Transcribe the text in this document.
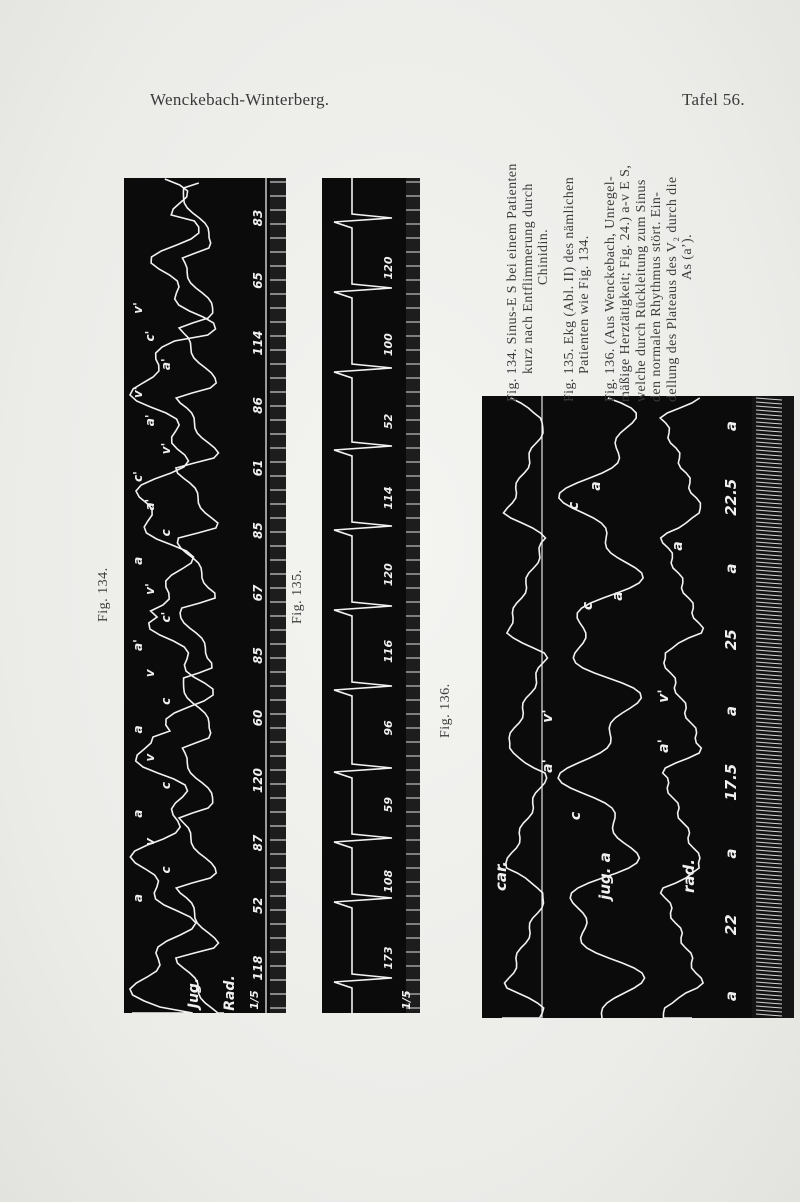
Wenckebach-Winterberg.	Tafel 56.
Fig. 134.	Fig. 135.
Fig. 136.
Jug. Rad. 1/5
118
52
87
120
60
85
67
85
61
86
114
65
83
a
c
v
a
c
v
a
c
v
a'
c'
v'
a
c
a'
c'
v'
a'
v'
a'
c'
v'
1/5
173
108
59
96
116
120
114
52
100
120
car.	jug. a	rad.
a
22
a
17.5
a
25
a
22.5
a
c
a'
v'
a'
v'
c
a
c
a
a
Fig. 134. Sinus-E S bei einem Patienten kurz nach Entflimmerung durch Chinidin. Fig. 135. Ekg (Abl. II) des nämlichen Patienten wie Fig. 134. Fig. 136. (Aus Wenckebach, Unregel- mäßige Herztätigkeit; Fig. 24.) a-v E S, welche durch Rückleitung zum Sinus den normalen Rhythmus stört. Ein- dellung des Plateaus des V₂ durch die As (a’).
